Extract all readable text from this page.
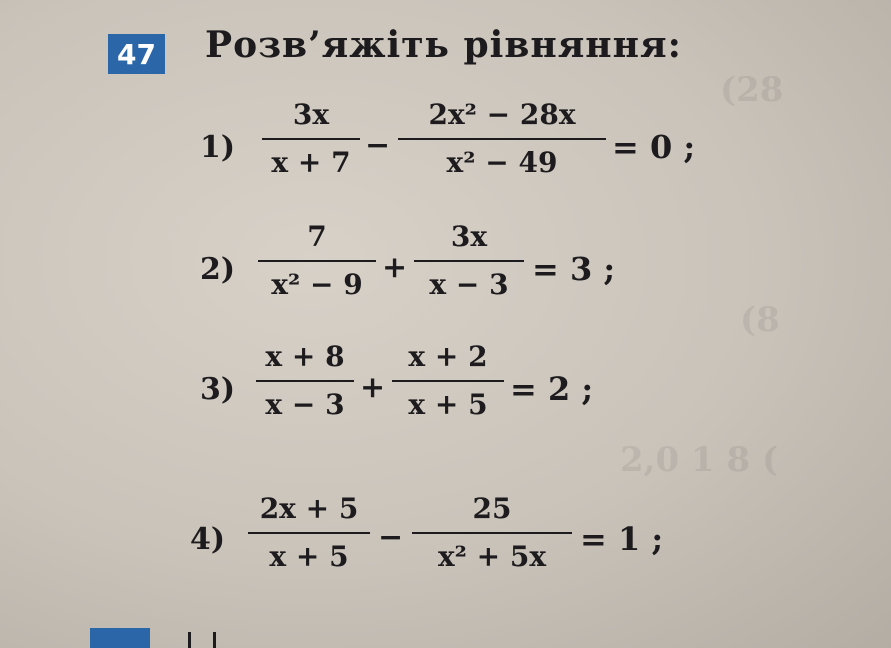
(28
(8
2,0 1 8 (
47 Розв’яжіть рівняння:
1)
3x
x + 7 −
2x² − 28x
x² − 49	= 0 ;
2)
7
x² − 9 +
3x
x − 3 = 3 ;
3)
x + 8
x − 3 +
x + 2
x + 5 = 2 ;
4)
2x + 5
x + 5
−
25
x² + 5x	= 1 ;
